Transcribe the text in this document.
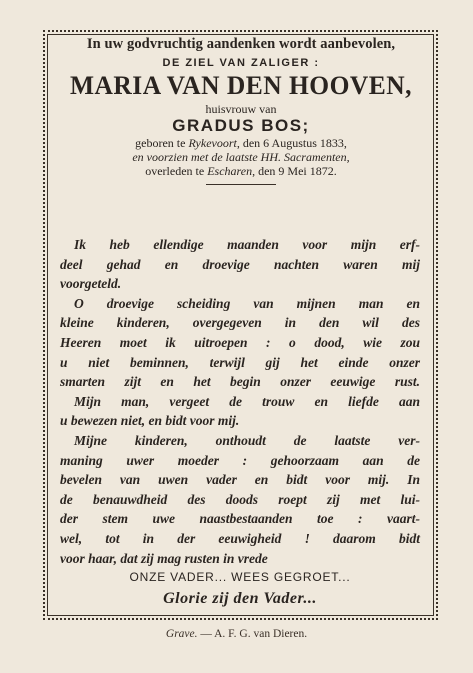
In uw godvruchtig aandenken wordt aanbevolen,
DE ZIEL VAN ZALIGER :
MARIA VAN DEN HOOVEN,
huisvrouw van
GRADUS BOS;
geboren te Rykevoort, den 6 Augustus 1833,
en voorzien met de laatste HH. Sacramenten,
overleden te Escharen, den 9 Mei 1872.
Ik heb ellendige maanden voor mijn erf-
deel gehad en droevige nachten waren mij
voorgeteld.
O droevige scheiding van mijnen man en
kleine kinderen, overgegeven in den wil des
Heeren moet ik uitroepen : o dood, wie zou
u niet beminnen, terwijl gij het einde onzer
smarten zijt en het begin onzer eeuwige rust.
Mijn man, vergeet de trouw en liefde aan
u bewezen niet, en bidt voor mij.
Mijne kinderen, onthoudt de laatste ver-
maning uwer moeder : gehoorzaam aan de
bevelen van uwen vader en bidt voor mij. In
de benauwdheid des doods roept zij met lui-
der stem uwe naastbestaanden toe : vaart-
wel, tot in der eeuwigheid ! daarom bidt
voor haar, dat zij mag rusten in vrede
ONZE VADER... WEES GEGROET...
Glorie zij den Vader...
Grave. — A. F. G. van Dieren.
